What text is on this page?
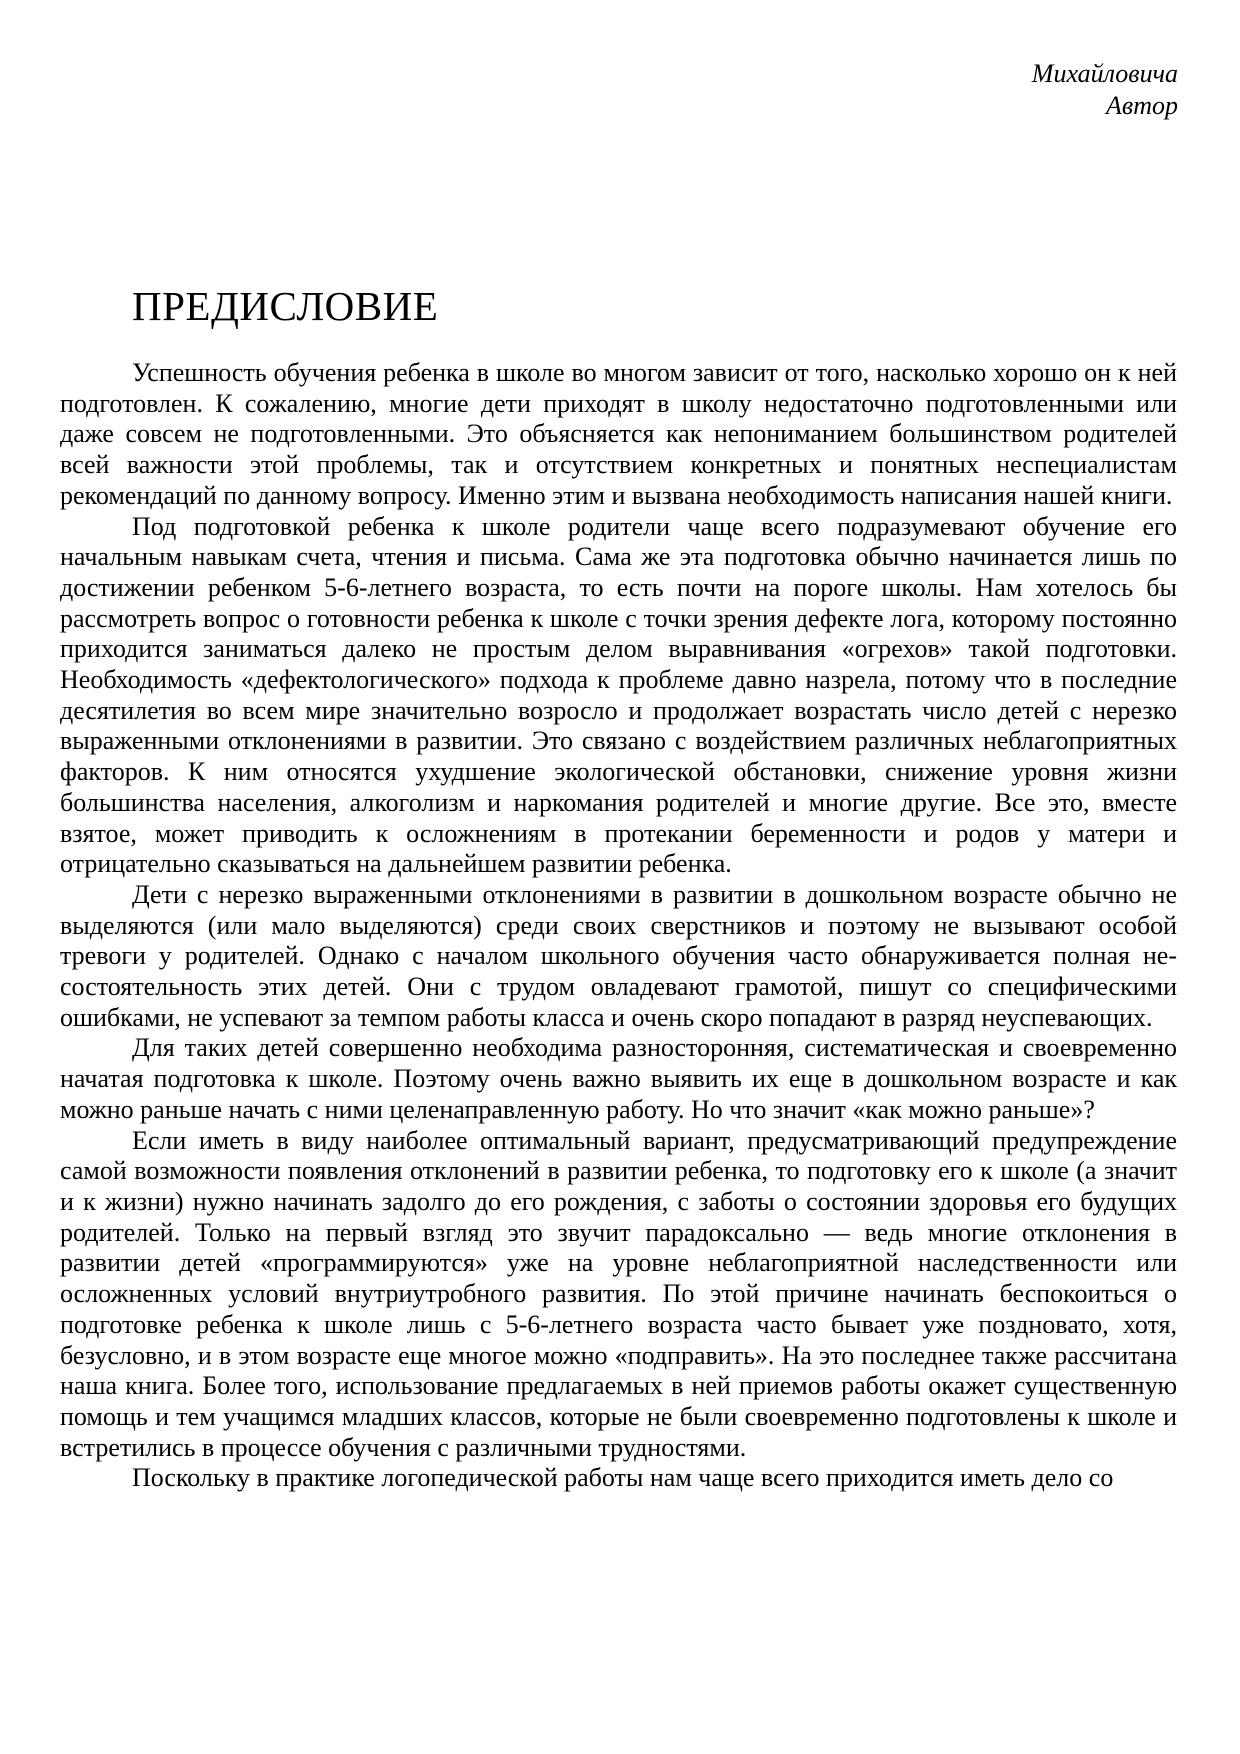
Михайловича
Автор
ПРЕДИСЛОВИЕ

Успешность обучения ребенка в школе во многом зависит от того, насколько хорошо он к ней подготовлен. К сожалению, многие дети приходят в школу недостаточно подготовленными или даже совсем не подготовленными. Это объясняется как непониманием большинством родителей всей важности этой проблемы, так и отсутствием конкретных и понятных неспециалистам рекомендаций по данному вопросу. Именно этим и вызвана необходимость написания нашей книги.

Под подготовкой ребенка к школе родители чаще всего подразумевают обучение его начальным навыкам счета, чтения и письма. Сама же эта подготовка обычно начинается лишь по достижении ребенком 5-6-летнего возраста, то есть почти на пороге школы. Нам хотелось бы рассмотреть вопрос о готовности ребенка к школе с точки зрения дефекте лога, которому постоянно приходится заниматься далеко не простым делом выравнивания «огрехов» такой подготовки. Необходимость «дефектологического» подхода к проблеме давно назрела, потому что в последние десятилетия во всем мире значительно возросло и продолжает возрастать число детей с нерезко выраженными отклонениями в развитии. Это связано с воздействием различных неблагоприятных факторов. К ним относятся ухудшение экологической обстановки, снижение уровня жизни большинства населения, алкоголизм и наркомания родителей и многие другие. Все это, вместе взятое, может приводить к осложнениям в протекании беременности и родов у матери и отрицательно сказываться на дальнейшем развитии ребенка.

Дети с нерезко выраженными отклонениями в развитии в дошкольном возрасте обычно не выделяются (или мало выделяются) среди своих сверстников и поэтому не вызывают особой тревоги у родителей. Однако с началом школьного обучения часто обнаруживается полная несостоятельность этих детей. Они с трудом овладевают грамотой, пишут со специфическими ошибками, не успевают за темпом работы класса и очень скоро попадают в разряд неуспевающих.

Для таких детей совершенно необходима разносторонняя, систематическая и своевременно начатая подготовка к школе. Поэтому очень важно выявить их еще в дошкольном возрасте и как можно раньше начать с ними целенаправленную работу. Но что значит «как можно раньше»?

Если иметь в виду наиболее оптимальный вариант, предусматривающий предупреждение самой возможности появления отклонений в развитии ребенка, то подготовку его к школе (а значит и к жизни) нужно начинать задолго до его рождения, с заботы о состоянии здоровья его будущих родителей. Только на первый взгляд это звучит парадоксально — ведь многие отклонения в развитии детей «программируются» уже на уровне неблагоприятной наследственности или осложненных условий внутриутробного развития. По этой причине начинать беспокоиться о подготовке ребенка к школе лишь с 5-6-летнего возраста часто бывает уже поздновато, хотя, безусловно, и в этом возрасте еще многое можно «подправить». На это последнее также рассчитана наша книга. Более того, использование предлагаемых в ней приемов работы окажет существенную помощь и тем учащимся младших классов, которые не были своевременно подготовлены к школе и встретились в процессе обучения с различными трудностями.

Поскольку в практике логопедической работы нам чаще всего приходится иметь дело со
